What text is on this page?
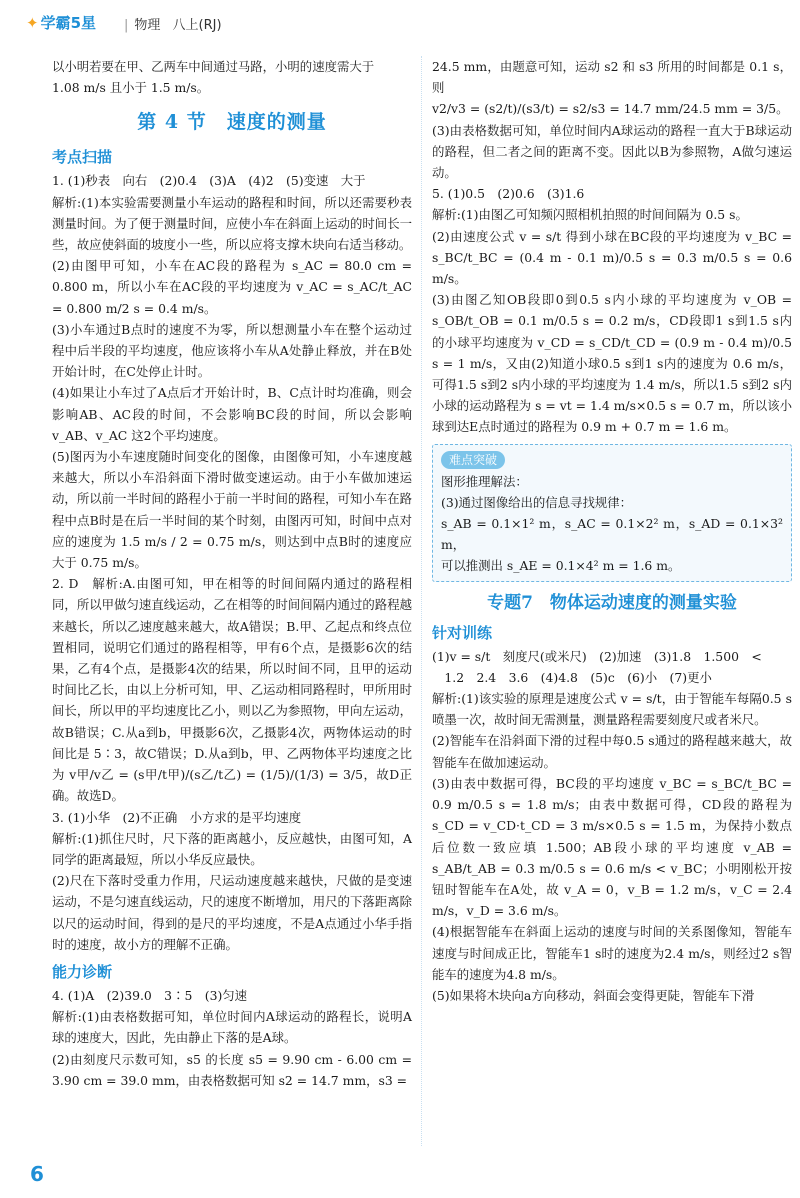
✦ 学霸5星	| 物理 八上(RJ)

以小明若要在甲、乙两车中间通过马路，小明的速度需大于

1.08 m/s 且小于 1.5 m/s。

第 4 节　速度的测量
考点扫描

1. (1)秒表　向右　(2)0.4　(3)A　(4)2　(5)变速　大于

解析:(1)本实验需要测量小车运动的路程和时间，所以还需要秒表测量时间。为了便于测量时间，应使小车在斜面上运动的时间长一些，故应使斜面的坡度小一些，所以应将支撑木块向右适当移动。

(2)由图甲可知，小车在AC段的路程为 s_AC = 80.0 cm = 0.800 m，所以小车在AC段的平均速度为 v_AC = s_AC/t_AC = 0.800 m/2 s = 0.4 m/s。

(3)小车通过B点时的速度不为零，所以想测量小车在整个运动过程中后半段的平均速度，他应该将小车从A处静止释放，并在B处开始计时，在C处停止计时。

(4)如果让小车过了A点后才开始计时，B、C点计时均准确，则会影响AB、AC段的时间，不会影响BC段的时间，所以会影响 v_AB、v_AC 这2个平均速度。

(5)图丙为小车速度随时间变化的图像，由图像可知，小车速度越来越大，所以小车沿斜面下滑时做变速运动。由于小车做加速运动，所以前一半时间的路程小于前一半时间的路程，可知小车在路程中点B时是在后一半时间的某个时刻，由图丙可知，时间中点对应的速度为 1.5 m/s / 2 = 0.75 m/s，则达到中点B时的速度应大于 0.75 m/s。

2. D　解析:A.由图可知，甲在相等的时间间隔内通过的路程相同，所以甲做匀速直线运动，乙在相等的时间间隔内通过的路程越来越长，所以乙速度越来越大，故A错误；B.甲、乙起点和终点位置相同，说明它们通过的路程相等，甲有6个点，是摄影6次的结果，乙有4个点，是摄影4次的结果，所以时间不同，且甲的运动时间比乙长，由以上分析可知，甲、乙运动相同路程时，甲所用时间长，所以甲的平均速度比乙小，则以乙为参照物，甲向左运动，故B错误；C.从a到b，甲摄影6次，乙摄影4次，两物体运动的时间比是 5∶3，故C错误；D.从a到b，甲、乙两物体平均速度之比为 v甲/v乙 = (s甲/t甲)/(s乙/t乙) = (1/5)/(1/3) = 3/5，故D正确。故选D。

3. (1)小华　(2)不正确　小方求的是平均速度

解析:(1)抓住尺时，尺下落的距离越小，反应越快，由图可知，A同学的距离最短，所以小华反应最快。

(2)尺在下落时受重力作用，尺运动速度越来越快，尺做的是变速运动，不是匀速直线运动，尺的速度不断增加，用尺的下落距离除以尺的运动时间，得到的是尺的平均速度，不是A点通过小华手指时的速度，故小方的理解不正确。

能力诊断

4. (1)A　(2)39.0　3∶5　(3)匀速

解析:(1)由表格数据可知，单位时间内A球运动的路程长，说明A球的速度大，因此，先由静止下落的是A球。

(2)由刻度尺示数可知，s5 的长度 s5 = 9.90 cm - 6.00 cm = 3.90 cm = 39.0 mm，由表格数据可知 s2 = 14.7 mm，s3 =

24.5 mm，由题意可知，运动 s2 和 s3 所用的时间都是 0.1 s，则

v2/v3 = (s2/t)/(s3/t) = s2/s3 = 14.7 mm/24.5 mm = 3/5。

(3)由表格数据可知，单位时间内A球运动的路程一直大于B球运动的路程，但二者之间的距离不变。因此以B为参照物，A做匀速运动。

5. (1)0.5　(2)0.6　(3)1.6

解析:(1)由图乙可知频闪照相机拍照的时间间隔为 0.5 s。

(2)由速度公式 v = s/t 得到小球在BC段的平均速度为 v_BC = s_BC/t_BC = (0.4 m - 0.1 m)/0.5 s = 0.3 m/0.5 s = 0.6 m/s。

(3)由图乙知OB段即0到0.5 s内小球的平均速度为 v_OB = s_OB/t_OB = 0.1 m/0.5 s = 0.2 m/s，CD段即1 s到1.5 s内的小球平均速度为 v_CD = s_CD/t_CD = (0.9 m - 0.4 m)/0.5 s = 1 m/s，又由(2)知道小球0.5 s到1 s内的速度为 0.6 m/s，可得1.5 s到2 s内小球的平均速度为 1.4 m/s，所以1.5 s到2 s内小球的运动路程为 s = vt = 1.4 m/s×0.5 s = 0.7 m，所以该小球到达E点时通过的路程为 0.9 m + 0.7 m = 1.6 m。

难点突破

图形推理解法：

(3)通过图像给出的信息寻找规律：

s_AB = 0.1×1² m，s_AC = 0.1×2² m，s_AD = 0.1×3² m，

可以推测出 s_AE = 0.1×4² m = 1.6 m。

专题7　物体运动速度的测量实验
针对训练

(1)v = s/t　刻度尺(或米尺)　(2)加速　(3)1.8　1.500　<

　1.2　2.4　3.6　(4)4.8　(5)c　(6)小　(7)更小

解析:(1)该实验的原理是速度公式 v = s/t，由于智能车每隔0.5 s喷墨一次，故时间无需测量，测量路程需要刻度尺或者米尺。

(2)智能车在沿斜面下滑的过程中每0.5 s通过的路程越来越大，故智能车在做加速运动。

(3)由表中数据可得，BC段的平均速度 v_BC = s_BC/t_BC = 0.9 m/0.5 s = 1.8 m/s；由表中数据可得，CD段的路程为 s_CD = v_CD·t_CD = 3 m/s×0.5 s = 1.5 m，为保持小数点后位数一致应填 1.500；AB段小球的平均速度 v_AB = s_AB/t_AB = 0.3 m/0.5 s = 0.6 m/s < v_BC；小明刚松开按钮时智能车在A处，故 v_A = 0，v_B = 1.2 m/s，v_C = 2.4 m/s，v_D = 3.6 m/s。

(4)根据智能车在斜面上运动的速度与时间的关系图像知，智能车速度与时间成正比，智能车1 s时的速度为2.4 m/s，则经过2 s智能车的速度为4.8 m/s。

(5)如果将木块向a方向移动，斜面会变得更陡，智能车下滑

6
